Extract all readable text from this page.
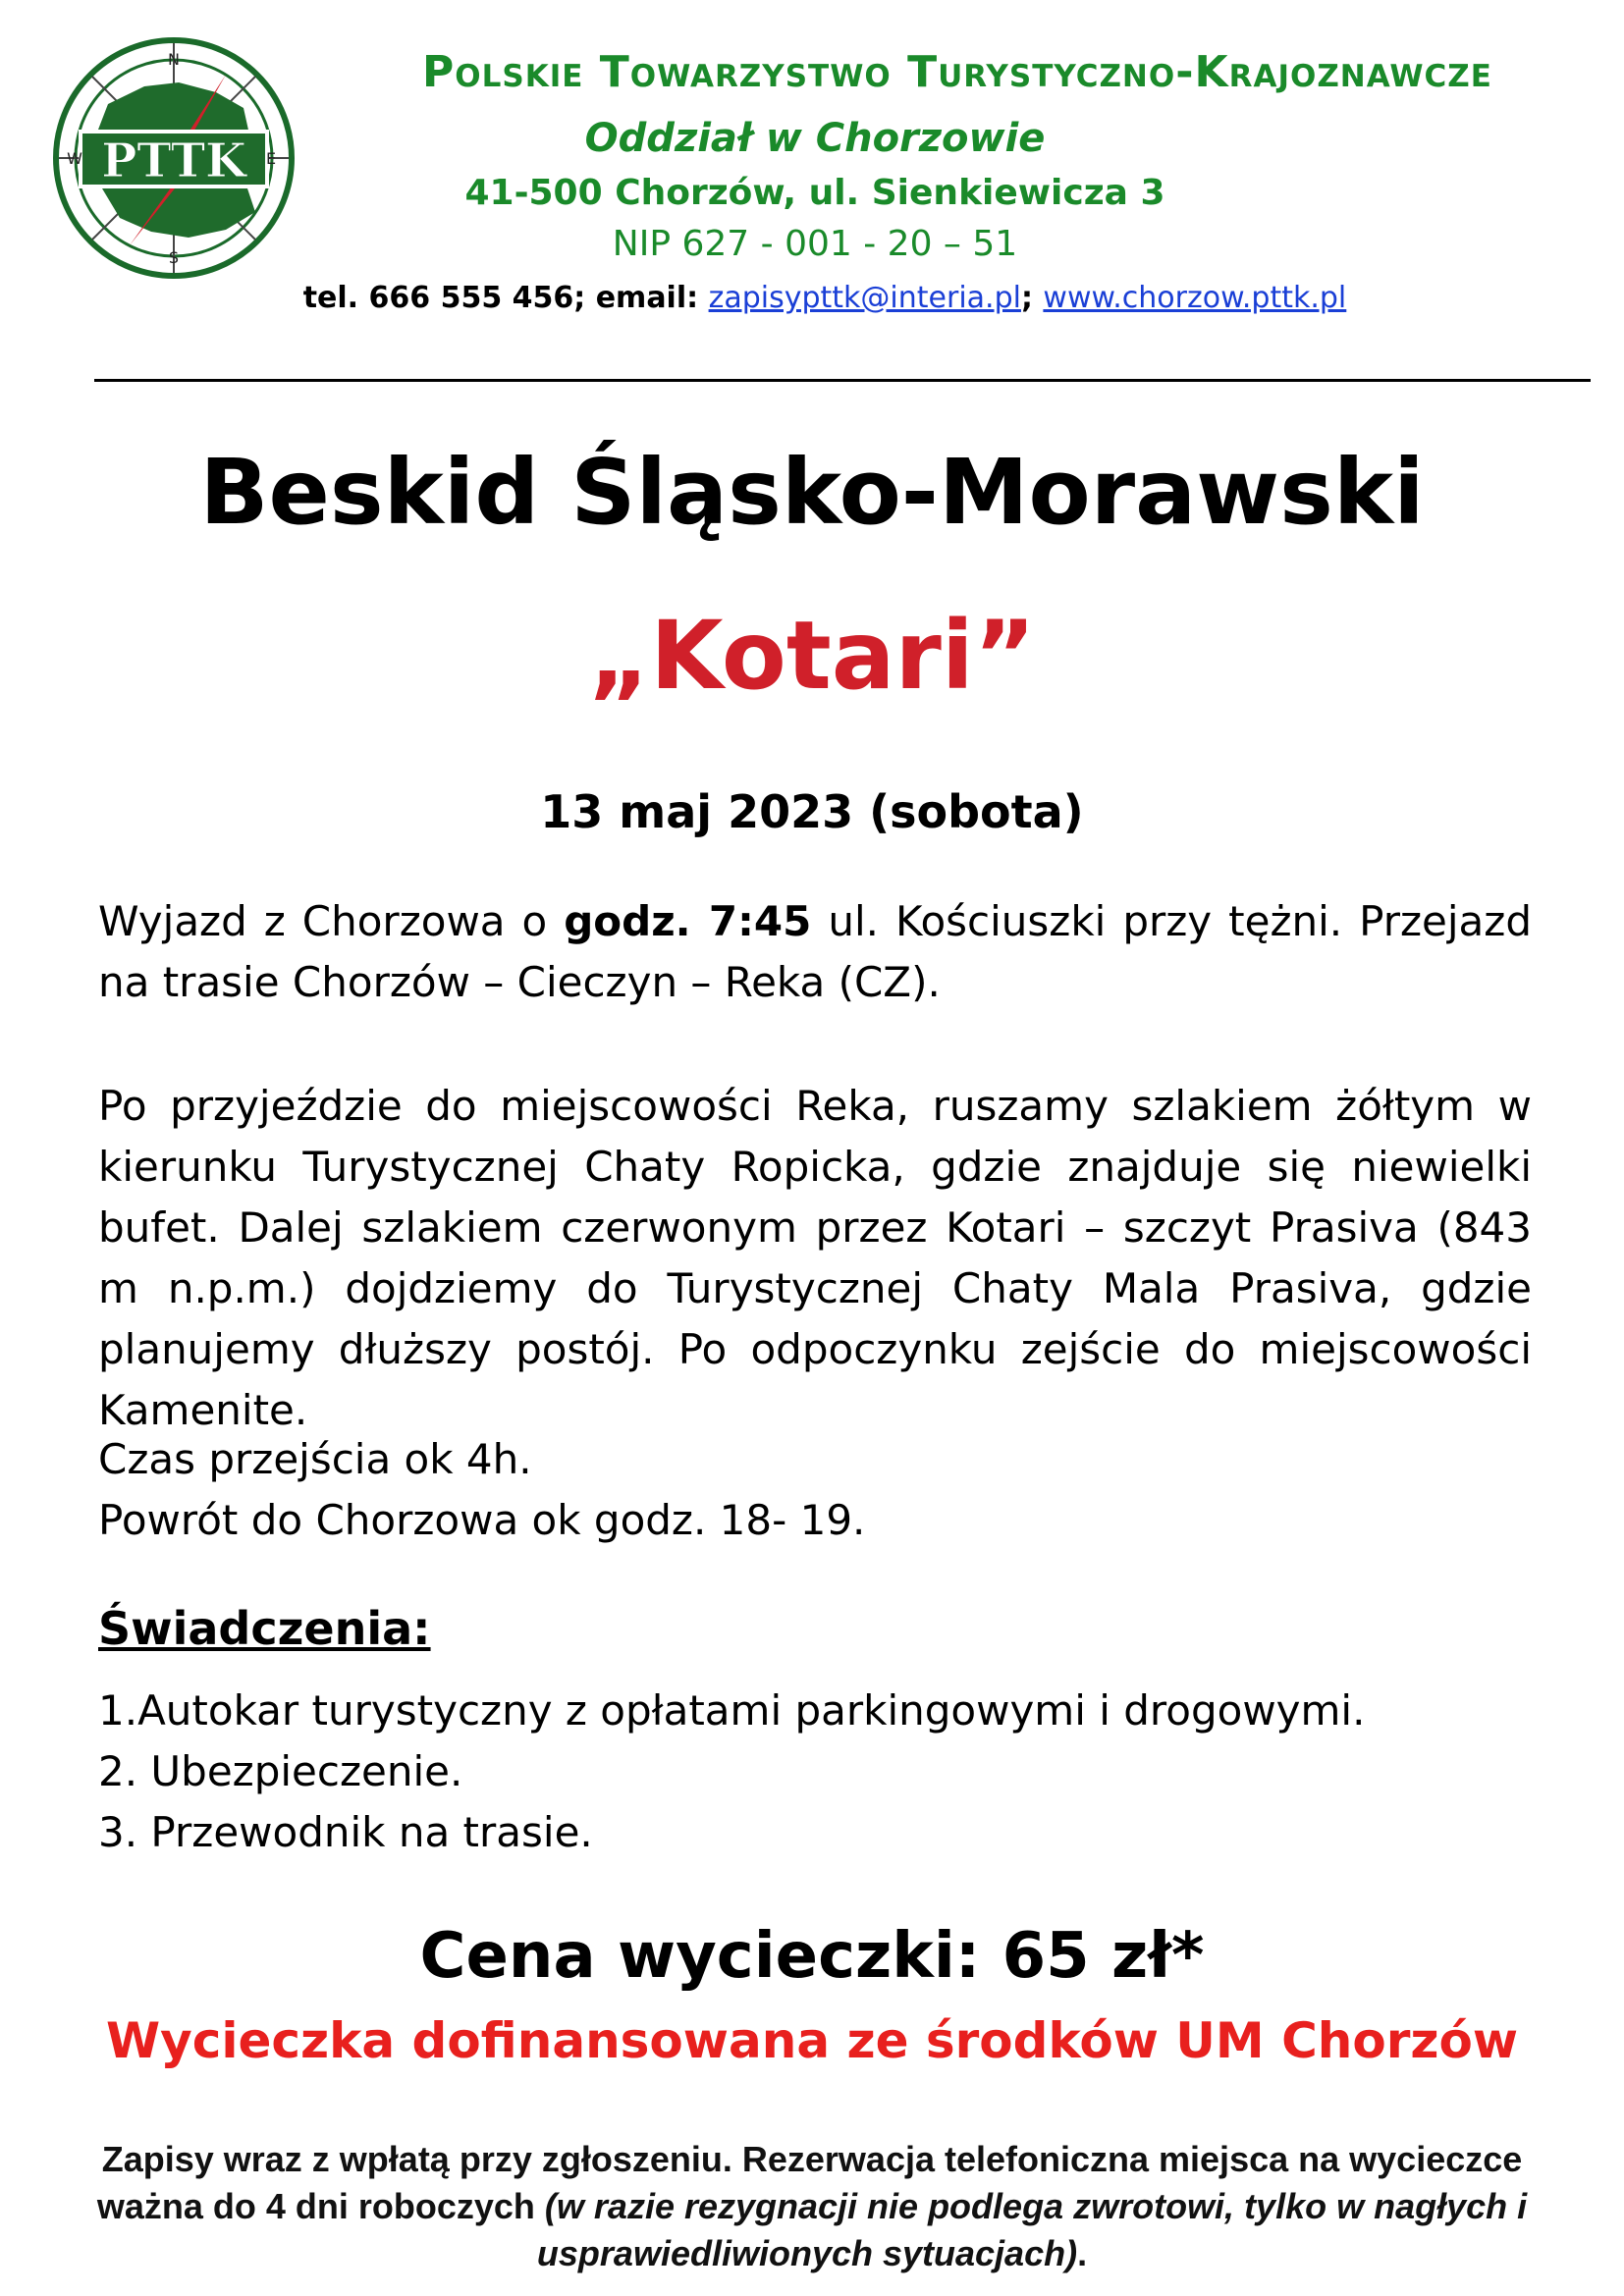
PTTK
N
E
S
W
Polskie Towarzystwo Turystyczno-Krajoznawcze
Oddział w Chorzowie
41-500 Chorzów, ul. Sienkiewicza 3
NIP 627 - 001 - 20 – 51
tel. 666 555 456; email: zapisypttk@interia.pl; www.chorzow.pttk.pl
Beskid Śląsko-Morawski
„Kotari”
13 maj 2023 (sobota)
Wyjazd z Chorzowa o godz. 7:45 ul. Kościuszki przy tężni. Przejazd na trasie Chorzów – Cieczyn – Reka (CZ).
Po przyjeździe do miejscowości Reka, ruszamy szlakiem żółtym w kierunku Turystycznej Chaty Ropicka, gdzie znajduje się niewielki bufet. Dalej szlakiem czerwonym przez Kotari – szczyt Prasiva (843 m n.p.m.) dojdziemy do Turystycznej Chaty Mala Prasiva, gdzie planujemy dłuższy postój. Po odpoczynku zejście do miejscowości Kamenite.
Czas przejścia ok 4h.
Powrót do Chorzowa ok godz. 18- 19.
Świadczenia:
1.Autokar turystyczny z opłatami parkingowymi i drogowymi.
2. Ubezpieczenie.
3. Przewodnik na trasie.
Cena wycieczki: 65 zł*
Wycieczka dofinansowana ze środków UM Chorzów
Zapisy wraz z wpłatą przy zgłoszeniu. Rezerwacja telefoniczna miejsca na wycieczce ważna do 4 dni roboczych (w razie rezygnacji nie podlega zwrotowi, tylko w nagłych i usprawiedliwionych sytuacjach).
